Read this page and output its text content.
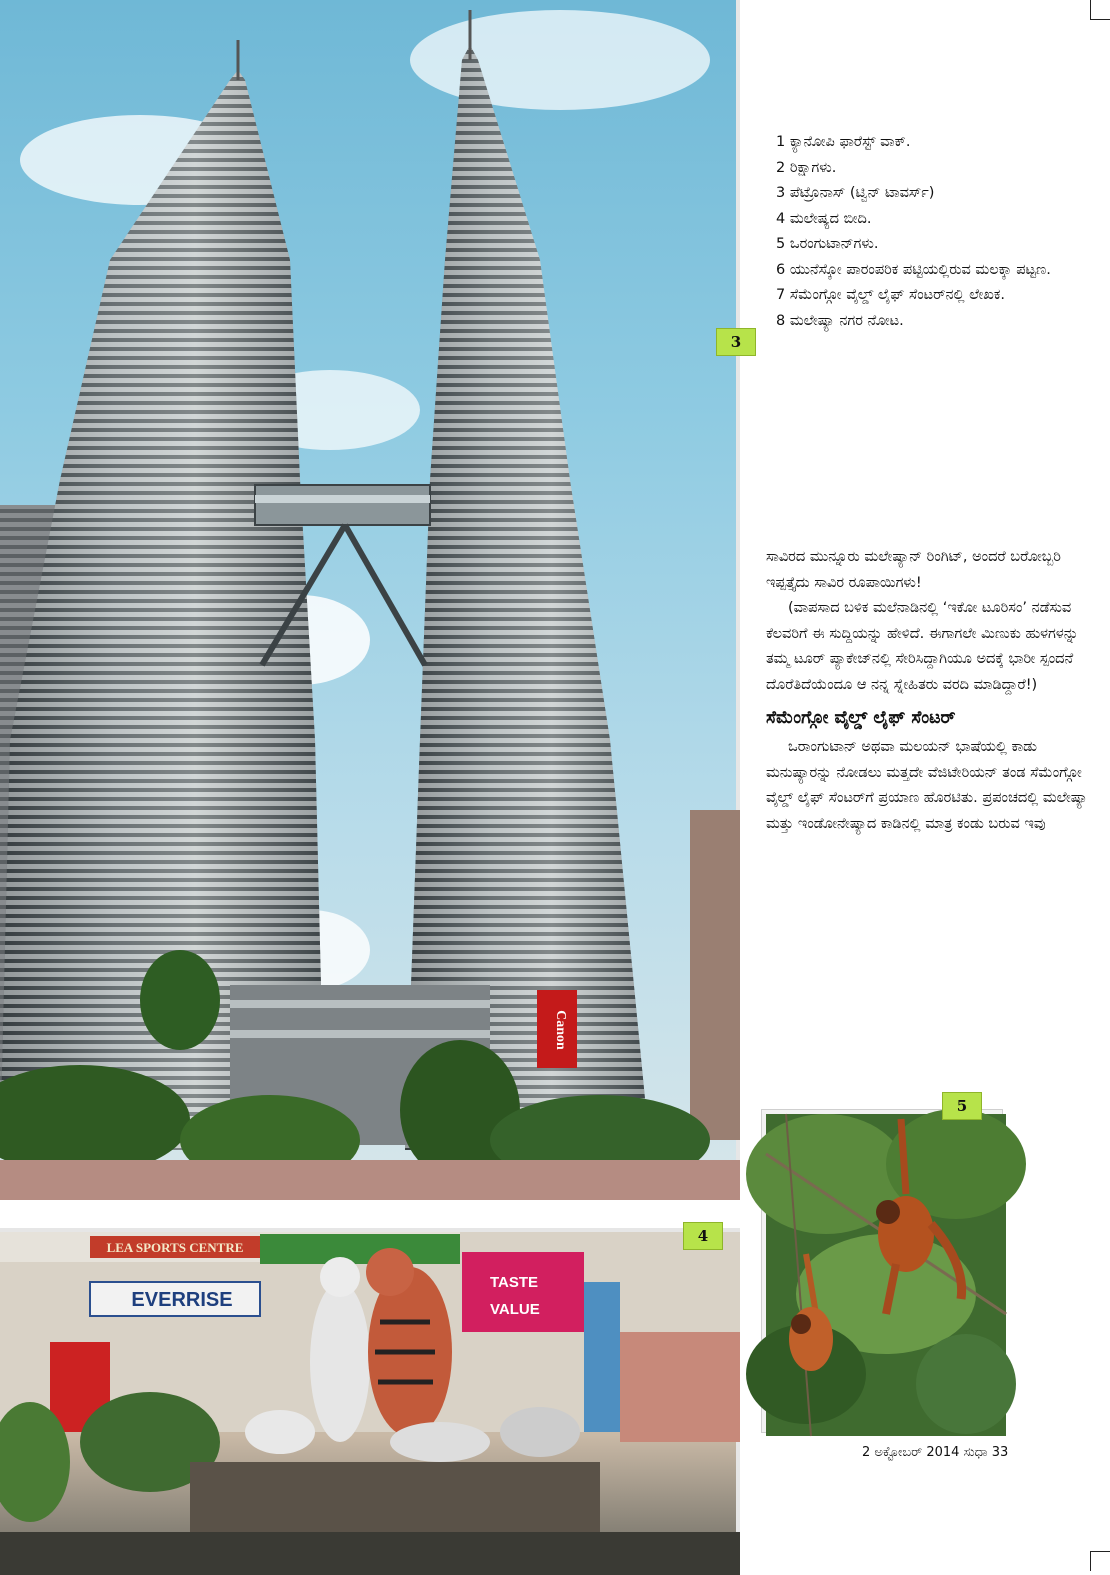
Canon
3
LEA SPORTS CENTRE
EVERRISE
TASTE
VALUE
4
5
1 ಕ್ಯಾನೋಪಿ ಫಾರೆಸ್ಟ್ ವಾಕ್.
2 ರಿಕ್ಷಾಗಳು.
3 ಪೆಟ್ರೊನಾಸ್ (ಟ್ವಿನ್ ಟಾವರ್ಸ್)
4 ಮಲೇಷ್ಯದ ಬೀದಿ.
5 ಒರಂಗುಟಾನ್‌ಗಳು.
6 ಯುನೆಸ್ಕೋ ಪಾರಂಪರಿಕ ಪಟ್ಟಿಯಲ್ಲಿರುವ ಮಲಕ್ಕಾ ಪಟ್ಟಣ.
7 ಸೆಮೆಂಗ್ಗೋ ವೈಲ್ಡ್ ಲೈಫ್ ಸೆಂಟರ್‌ನಲ್ಲಿ ಲೇಖಕ.
8 ಮಲೇಷ್ಯಾ ನಗರ ನೋಟ.

ಸಾವಿರದ ಮುನ್ನೂರು ಮಲೇಷ್ಯಾನ್ ರಿಂಗಿಟ್, ಅಂದರೆ ಬರೋಬ್ಬರಿ ಇಪ್ಪತ್ತೈದು ಸಾವಿರ ರೂಪಾಯಿಗಳು!

(ವಾಪಸಾದ ಬಳಿಕ ಮಲೆನಾಡಿನಲ್ಲಿ ‘ಇಕೋ ಟೂರಿಸಂ’ ನಡೆಸುವ ಕೆಲವರಿಗೆ ಈ ಸುದ್ದಿಯನ್ನು ಹೇಳಿದೆ. ಈಗಾಗಲೇ ಮಿಣುಕು ಹುಳಗಳನ್ನು ತಮ್ಮ ಟೂರ್ ಪ್ಯಾಕೇಜ್‌ನಲ್ಲಿ ಸೇರಿಸಿದ್ದಾಗಿಯೂ ಅದಕ್ಕೆ ಭಾರೀ ಸ್ಪಂದನೆ ದೊರೆತಿದೆಯೆಂದೂ ಆ ನನ್ನ ಸ್ನೇಹಿತರು ವರದಿ ಮಾಡಿದ್ದಾರೆ!)

ಸೆಮೆಂಗ್ಗೋ ವೈಲ್ಡ್ ಲೈಫ್ ಸೆಂಟರ್

ಒರಾಂಗುಟಾನ್ ಅಥವಾ ಮಲಯನ್ ಭಾಷೆಯಲ್ಲಿ ಕಾಡು ಮನುಷ್ಯಾರನ್ನು ನೋಡಲು ಮತ್ತದೇ ವೆಜಿಟೇರಿಯನ್ ತಂಡ ಸೆಮೆಂಗ್ಗೋ ವೈಲ್ಡ್ ಲೈಫ್ ಸೆಂಟರ್‌ಗೆ ಪ್ರಯಾಣ ಹೊರಟಿತು. ಪ್ರಪಂಚದಲ್ಲಿ ಮಲೇಷ್ಯಾ ಮತ್ತು ಇಂಡೋನೇಷ್ಯಾದ ಕಾಡಿನಲ್ಲಿ ಮಾತ್ರ ಕಂಡು ಬರುವ ಇವು

2 ಅಕ್ಟೋಬರ್ 2014 ಸುಧಾ 33
